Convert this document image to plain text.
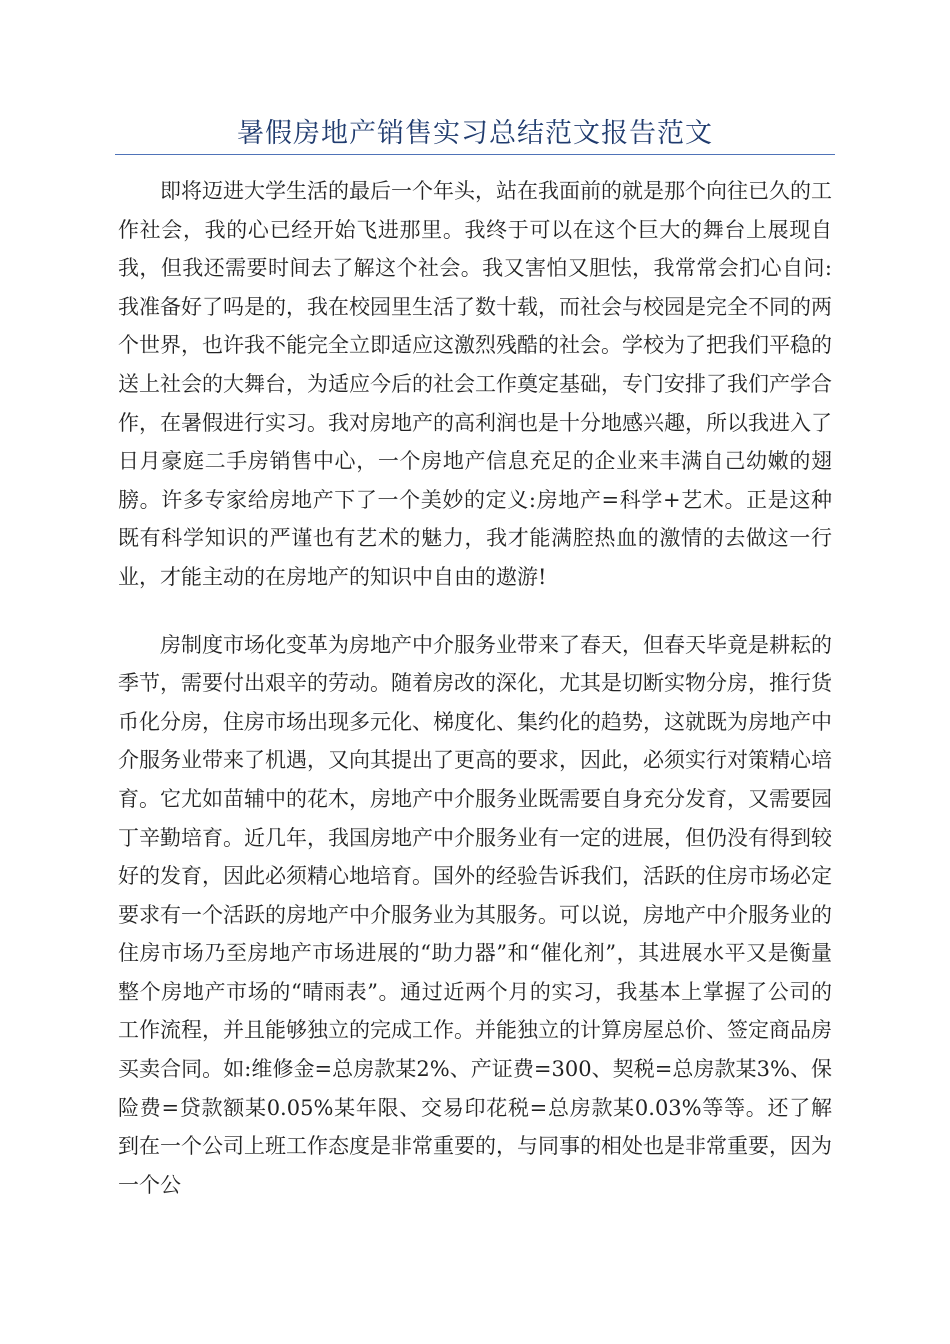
暑假房地产销售实习总结范文报告范文

即将迈进大学生活的最后一个年头，站在我面前的就是那个向往已久的工作社会，我的心已经开始飞进那里。我终于可以在这个巨大的舞台上展现自我，但我还需要时间去了解这个社会。我又害怕又胆怯，我常常会扪心自问:我准备好了吗是的，我在校园里生活了数十载，而社会与校园是完全不同的两个世界，也许我不能完全立即适应这激烈残酷的社会。学校为了把我们平稳的送上社会的大舞台，为适应今后的社会工作奠定基础，专门安排了我们产学合作，在暑假进行实习。我对房地产的高利润也是十分地感兴趣，所以我进入了日月豪庭二手房销售中心，一个房地产信息充足的企业来丰满自己幼嫩的翅膀。许多专家给房地产下了一个美妙的定义:房地产=科学+艺术。正是这种既有科学知识的严谨也有艺术的魅力，我才能满腔热血的激情的去做这一行业，才能主动的在房地产的知识中自由的遨游!

房制度市场化变革为房地产中介服务业带来了春天，但春天毕竟是耕耘的季节，需要付出艰辛的劳动。随着房改的深化，尤其是切断实物分房，推行货币化分房，住房市场出现多元化、梯度化、集约化的趋势，这就既为房地产中介服务业带来了机遇，又向其提出了更高的要求，因此，必须实行对策精心培育。它尤如苗辅中的花木，房地产中介服务业既需要自身充分发育，又需要园丁辛勤培育。近几年，我国房地产中介服务业有一定的进展，但仍没有得到较好的发育，因此必须精心地培育。国外的经验告诉我们，活跃的住房市场必定要求有一个活跃的房地产中介服务业为其服务。可以说，房地产中介服务业的住房市场乃至房地产市场进展的“助力器”和“催化剂”，其进展水平又是衡量整个房地产市场的“晴雨表”。通过近两个月的实习，我基本上掌握了公司的工作流程，并且能够独立的完成工作。并能独立的计算房屋总价、签定商品房买卖合同。如:维修金=总房款某2%、产证费=300、契税=总房款某3%、保险费=贷款额某0.05%某年限、交易印花税=总房款某0.03%等等。还了解到在一个公司上班工作态度是非常重要的，与同事的相处也是非常重要，因为一个公
